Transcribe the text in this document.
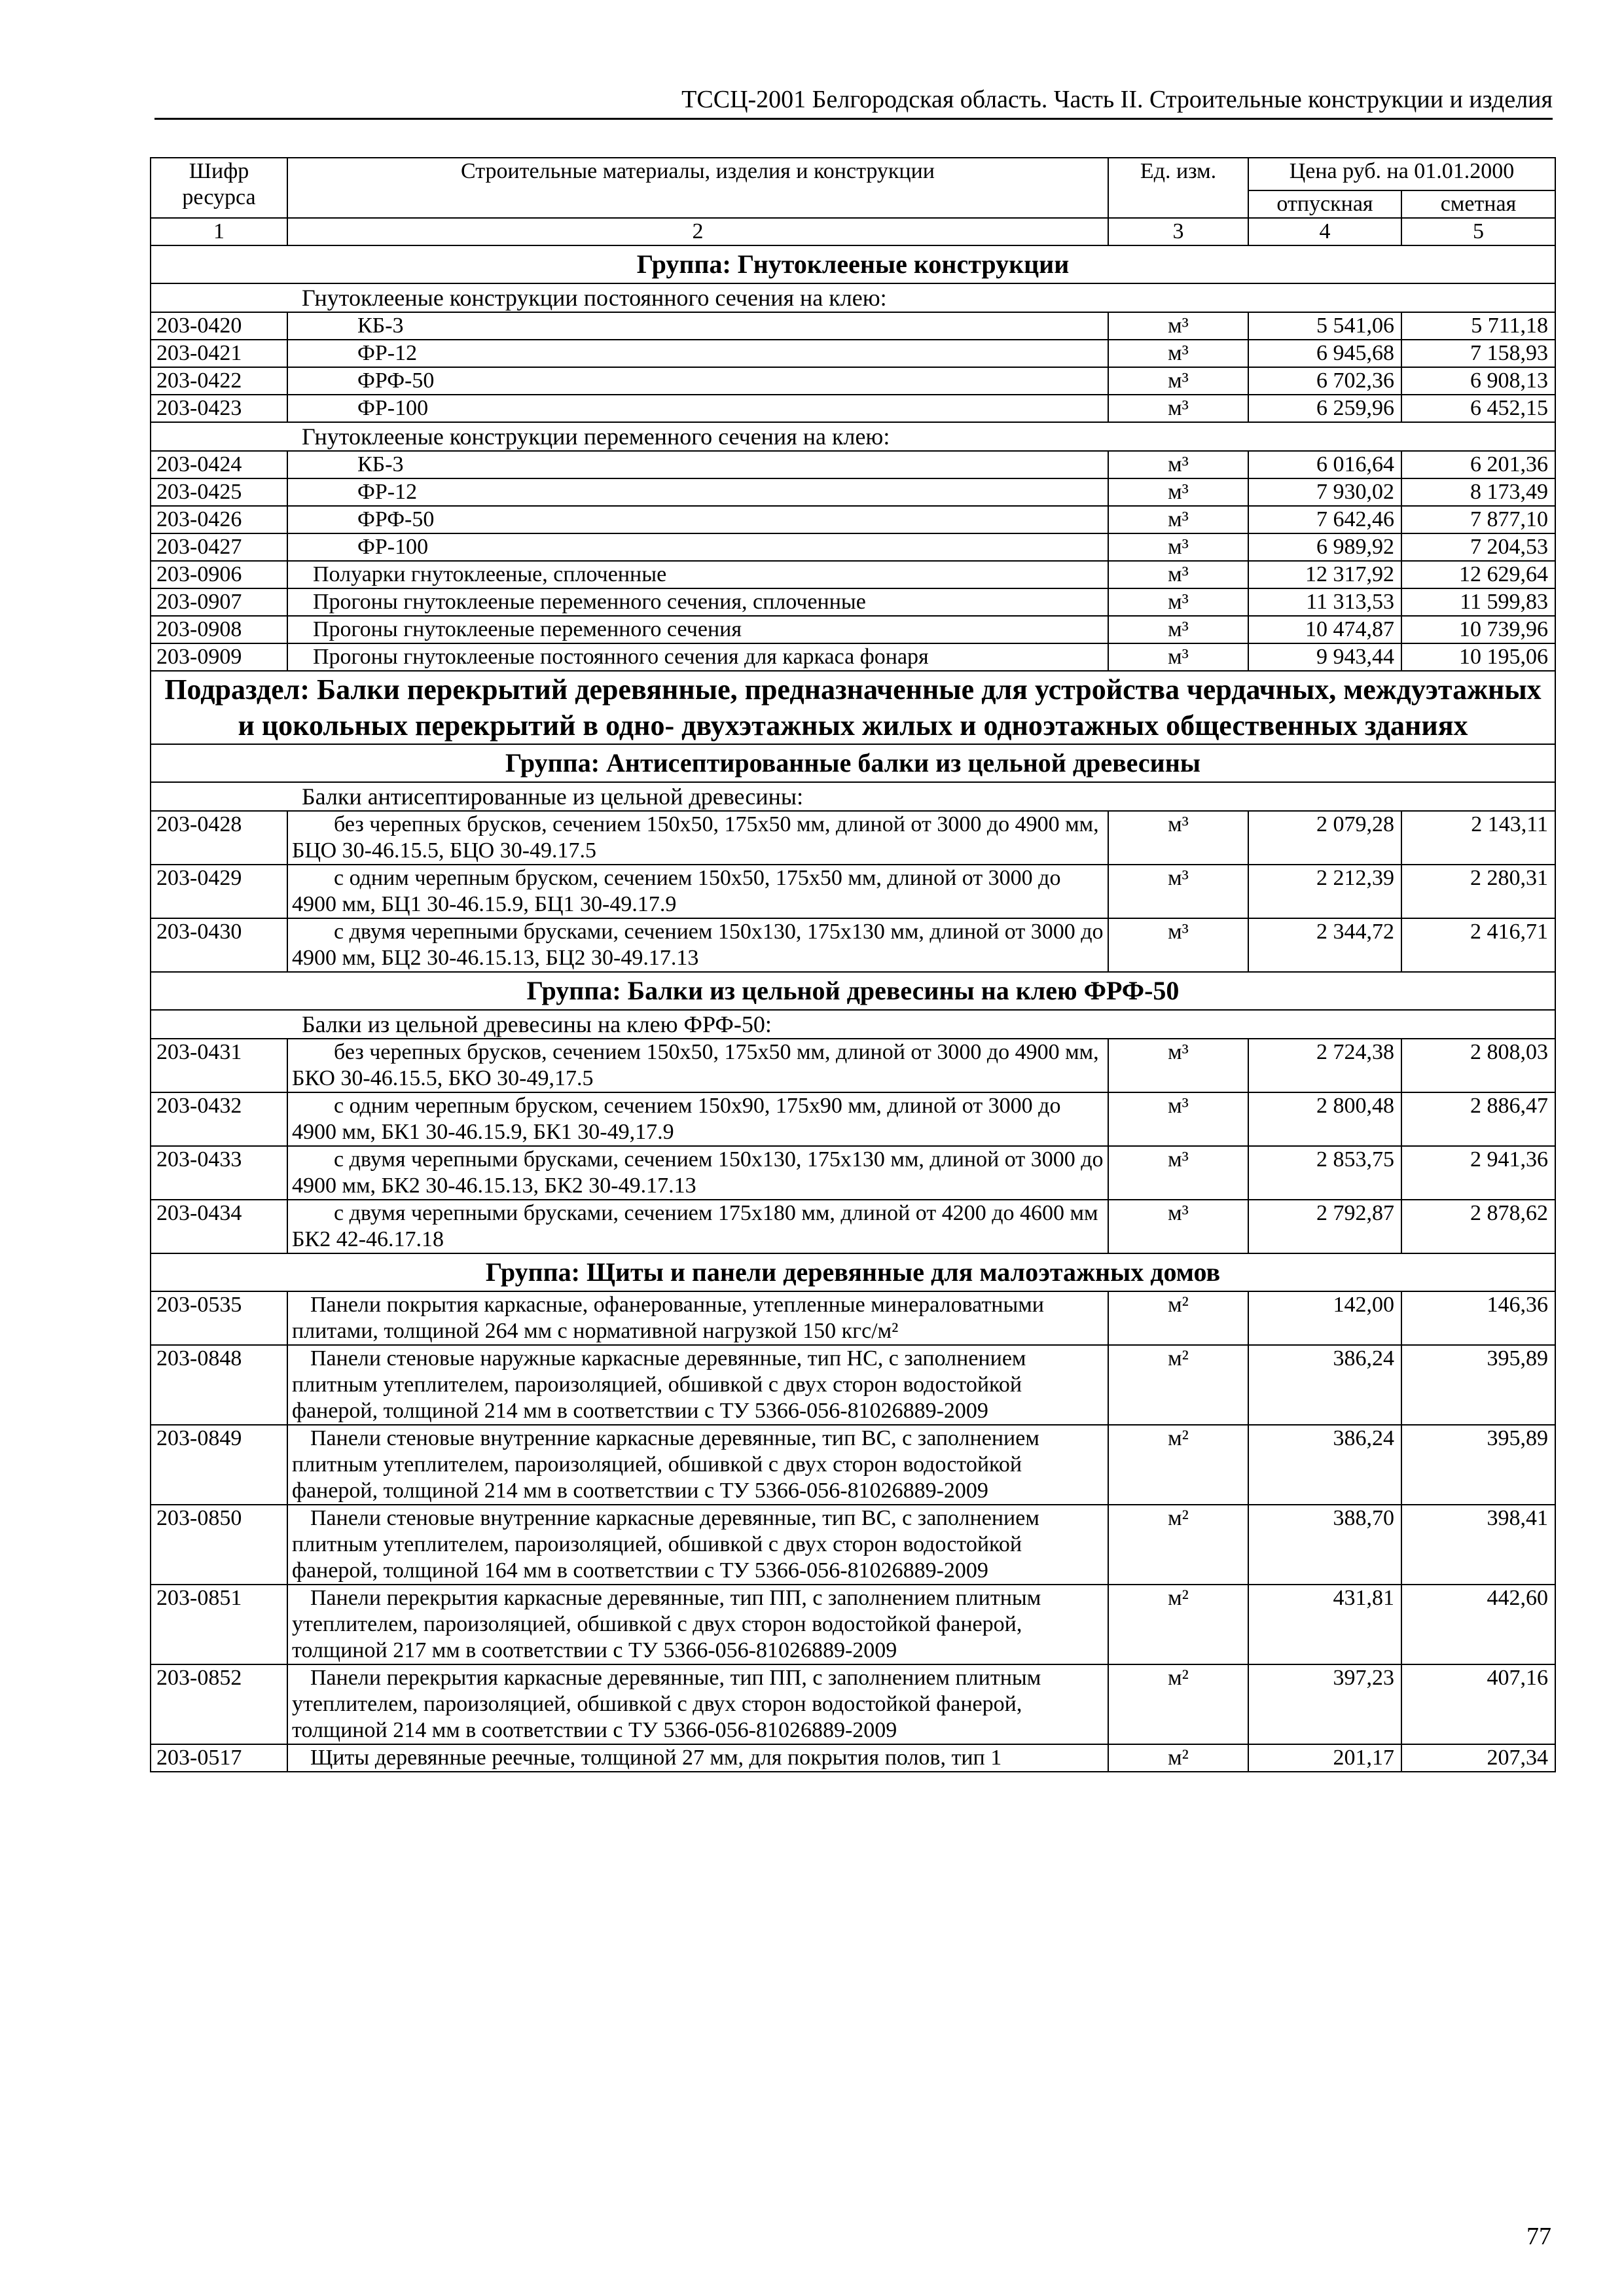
ТССЦ-2001 Белгородская область. Часть II. Строительные конструкции и изделия
Шифр ресурса	Строительные материалы, изделия и конструкции	Ед. изм.	Цена руб. на 01.01.2000	
			отпускная	сметная
1	2	3	4	5
Группа: Гнутоклееные конструкции				
Гнутоклееные конструкции постоянного сечения на клею:				
203-0420	КБ-3	м³	5 541,06	5 711,18
203-0421	ФР-12	м³	6 945,68	7 158,93
203-0422	ФРФ-50	м³	6 702,36	6 908,13
203-0423	ФР-100	м³	6 259,96	6 452,15
Гнутоклееные конструкции переменного сечения на клею:				
203-0424	КБ-3	м³	6 016,64	6 201,36
203-0425	ФР-12	м³	7 930,02	8 173,49
203-0426	ФРФ-50	м³	7 642,46	7 877,10
203-0427	ФР-100	м³	6 989,92	7 204,53
203-0906	Полуарки гнутоклееные, сплоченные	м³	12 317,92	12 629,64
203-0907	Прогоны гнутоклееные переменного сечения, сплоченные	м³	11 313,53	11 599,83
203-0908	Прогоны гнутоклееные переменного сечения	м³	10 474,87	10 739,96
203-0909	Прогоны гнутоклееные постоянного сечения для каркаса фонаря	м³	9 943,44	10 195,06
Подраздел: Балки перекрытий деревянные, предназначенные для устройства чердачных, междуэтажных и цокольных перекрытий в одно- двухэтажных жилых и одноэтажных общественных зданиях				
Группа: Антисептированные балки из цельной древесины				
Балки антисептированные из цельной древесины:				
203-0428	без черепных брусков, сечением 150x50, 175x50 мм, длиной от 3000 до 4900 мм, БЦО 30-46.15.5, БЦО 30-49.17.5	м³	2 079,28	2 143,11
203-0429	с одним черепным бруском, сечением 150x50, 175x50 мм, длиной от 3000 до 4900 мм, БЦ1 30-46.15.9, БЦ1 30-49.17.9	м³	2 212,39	2 280,31
203-0430	с двумя черепными брусками, сечением 150x130, 175x130 мм, длиной от 3000 до 4900 мм, БЦ2 30-46.15.13, БЦ2 30-49.17.13	м³	2 344,72	2 416,71
Группа: Балки из цельной древесины на клею ФРФ-50				
Балки из цельной древесины на клею ФРФ-50:				
203-0431	без черепных брусков, сечением 150x50, 175x50 мм, длиной от 3000 до 4900 мм, БКО 30-46.15.5, БКО 30-49,17.5	м³	2 724,38	2 808,03
203-0432	с одним черепным бруском, сечением 150x90, 175x90 мм, длиной от 3000 до 4900 мм, БК1 30-46.15.9, БК1 30-49,17.9	м³	2 800,48	2 886,47
203-0433	с двумя черепными брусками, сечением 150x130, 175x130 мм, длиной от 3000 до 4900 мм, БК2 30-46.15.13, БК2 30-49.17.13	м³	2 853,75	2 941,36
203-0434	с двумя черепными брусками, сечением 175x180 мм, длиной от 4200 до 4600 мм БК2 42-46.17.18	м³	2 792,87	2 878,62
Группа: Щиты и панели деревянные для малоэтажных домов				
203-0535	Панели покрытия каркасные, офанерованные, утепленные минераловатными плитами, толщиной 264 мм с нормативной нагрузкой 150 кгс/м²	м²	142,00	146,36
203-0848	Панели стеновые наружные каркасные деревянные, тип НС, с заполнением плитным утеплителем, пароизоляцией, обшивкой с двух сторон водостойкой фанерой, толщиной 214 мм в соответствии с ТУ 5366-056-81026889-2009	м²	386,24	395,89
203-0849	Панели стеновые внутренние каркасные деревянные, тип ВС, с заполнением плитным утеплителем, пароизоляцией, обшивкой с двух сторон водостойкой фанерой, толщиной 214 мм в соответствии с ТУ 5366-056-81026889-2009	м²	386,24	395,89
203-0850	Панели стеновые внутренние каркасные деревянные, тип ВС, с заполнением плитным утеплителем, пароизоляцией, обшивкой с двух сторон водостойкой фанерой, толщиной 164 мм в соответствии с ТУ 5366-056-81026889-2009	м²	388,70	398,41
203-0851	Панели перекрытия каркасные деревянные, тип ПП, с заполнением плитным утеплителем, пароизоляцией, обшивкой с двух сторон водостойкой фанерой, толщиной 217 мм в соответствии с ТУ 5366-056-81026889-2009	м²	431,81	442,60
203-0852	Панели перекрытия каркасные деревянные, тип ПП, с заполнением плитным утеплителем, пароизоляцией, обшивкой с двух сторон водостойкой фанерой, толщиной 214 мм в соответствии с ТУ 5366-056-81026889-2009	м²	397,23	407,16
203-0517	Щиты деревянные реечные, толщиной 27 мм, для покрытия полов, тип 1	м²	201,17	207,34
77
